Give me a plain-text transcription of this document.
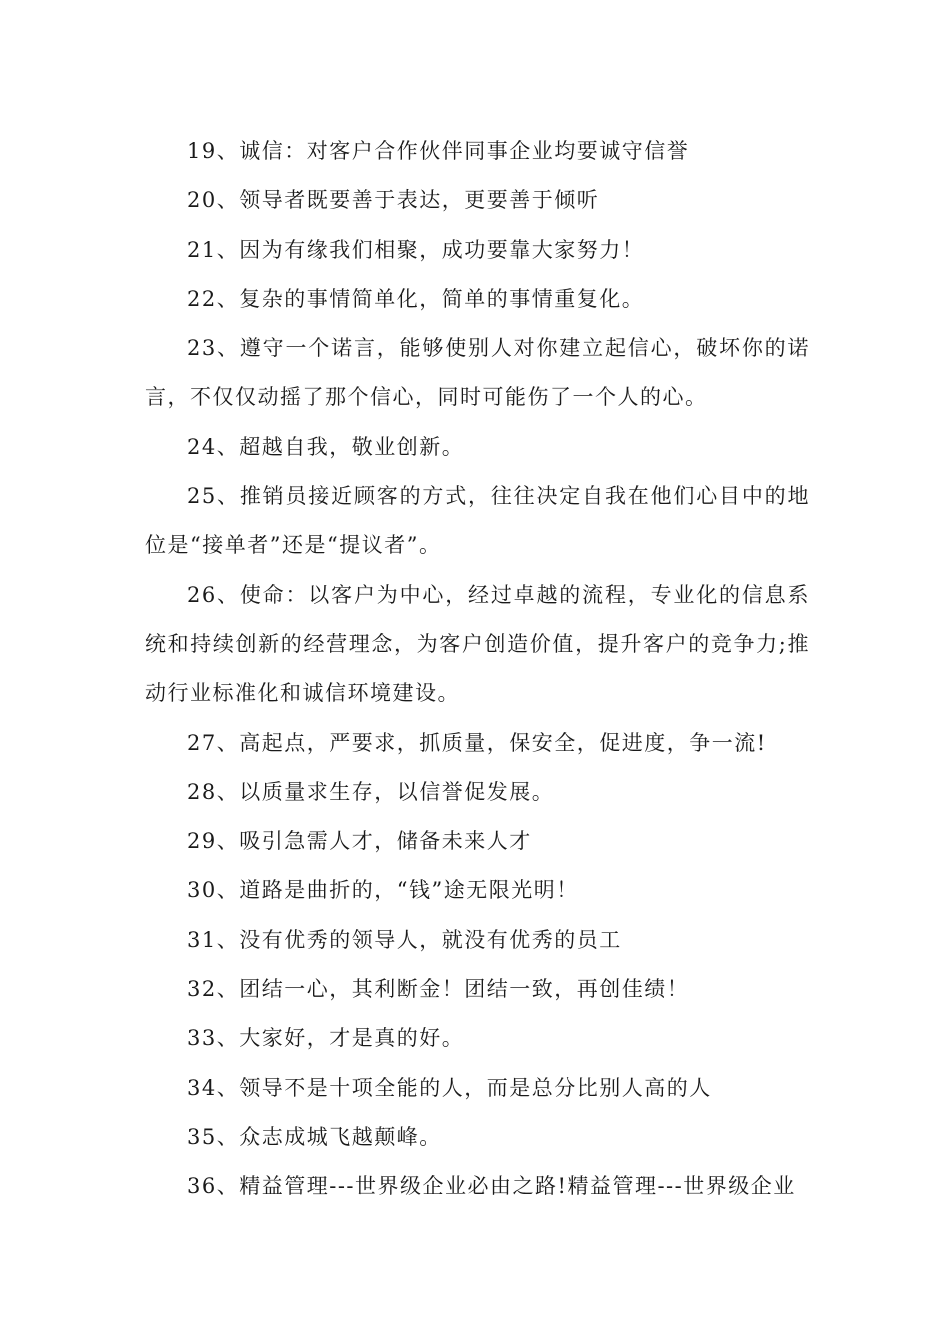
19、诚信：对客户合作伙伴同事企业均要诚守信誉

20、领导者既要善于表达，更要善于倾听

21、因为有缘我们相聚，成功要靠大家努力！

22、复杂的事情简单化，简单的事情重复化。

23、遵守一个诺言，能够使别人对你建立起信心，破坏你的诺言，不仅仅动摇了那个信心，同时可能伤了一个人的心。

24、超越自我，敬业创新。

25、推销员接近顾客的方式，往往决定自我在他们心目中的地位是“接单者”还是“提议者”。

26、使命：以客户为中心，经过卓越的流程，专业化的信息系统和持续创新的经营理念，为客户创造价值，提升客户的竞争力;推动行业标准化和诚信环境建设。

27、高起点，严要求，抓质量，保安全，促进度，争一流!

28、以质量求生存，以信誉促发展。

29、吸引急需人才，储备未来人才

30、道路是曲折的，“钱”途无限光明！

31、没有优秀的领导人，就没有优秀的员工

32、团结一心，其利断金！团结一致，再创佳绩！

33、大家好，才是真的好。

34、领导不是十项全能的人，而是总分比别人高的人

35、众志成城飞越颠峰。

36、精益管理---世界级企业必由之路!精益管理---世界级企业
